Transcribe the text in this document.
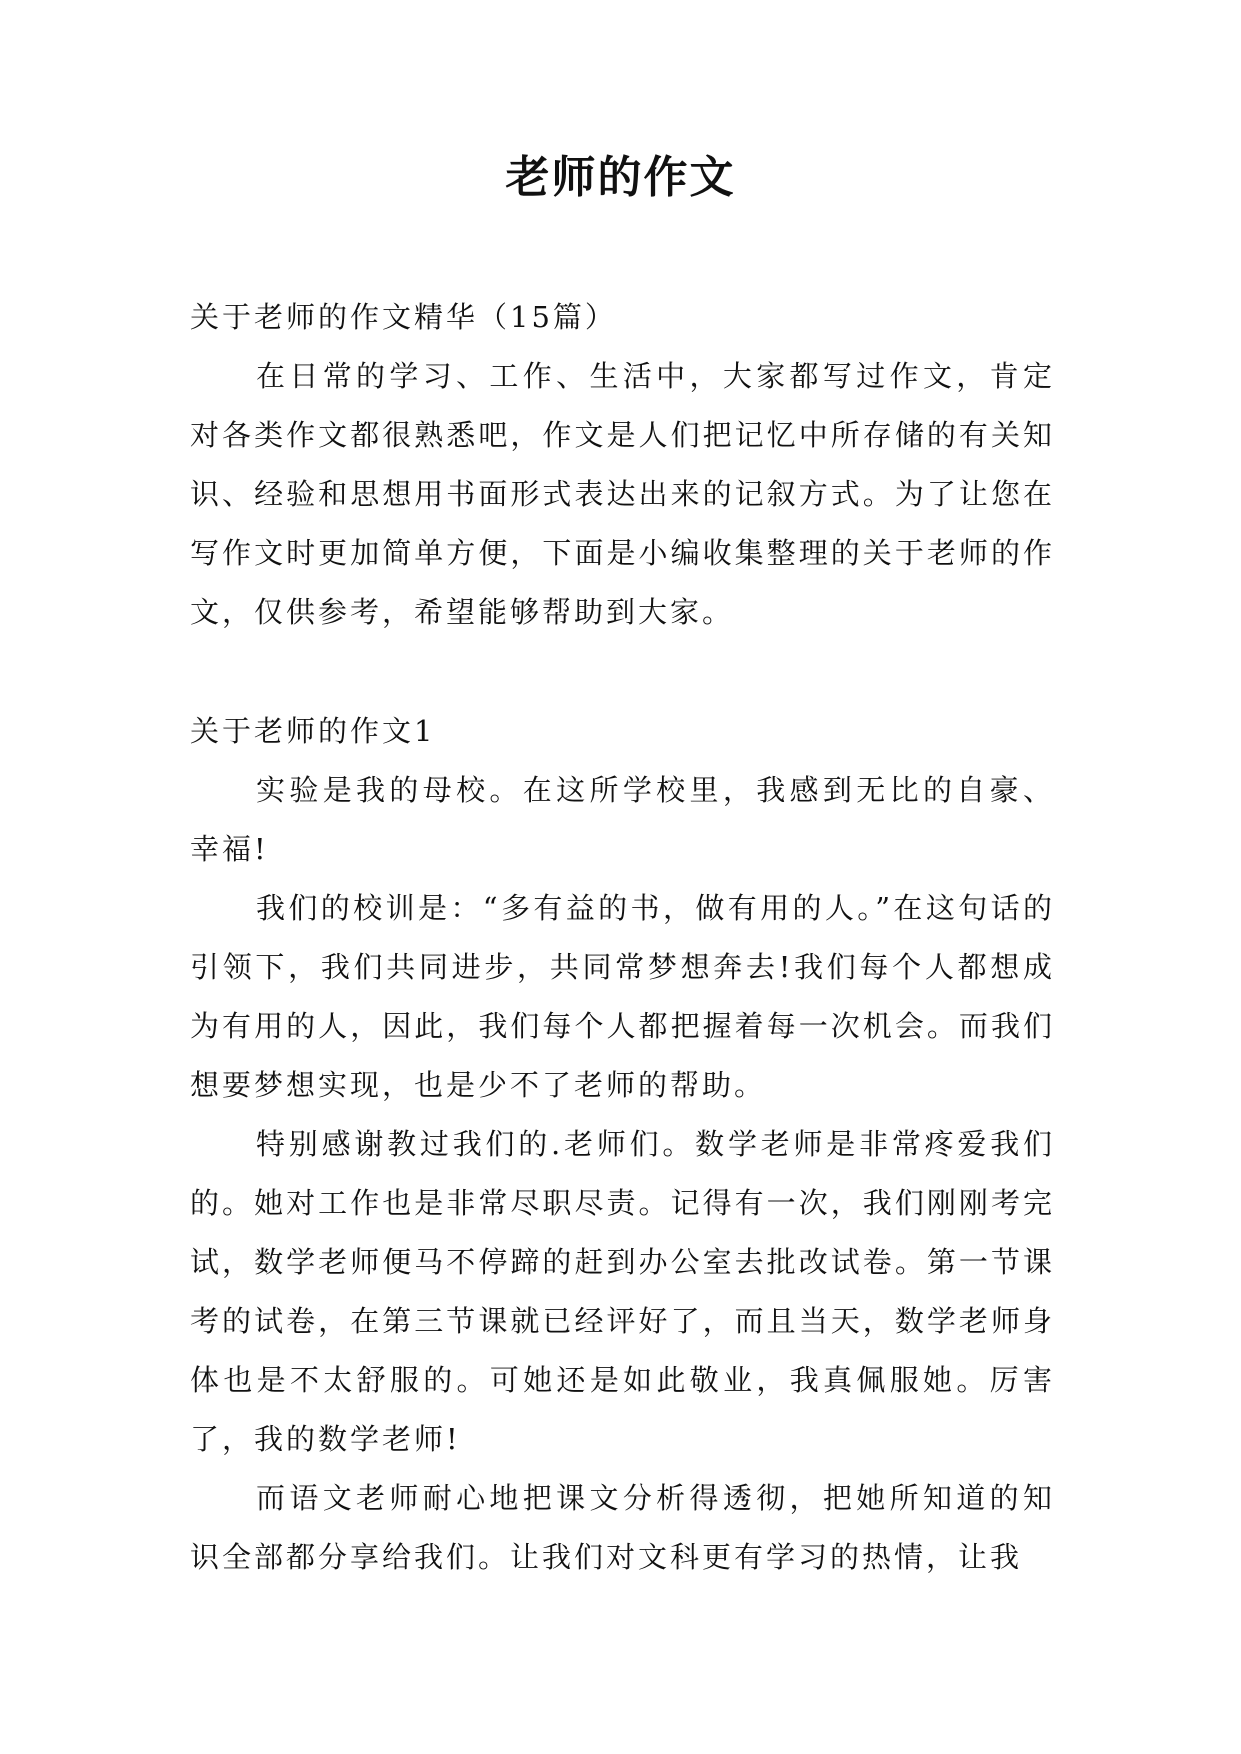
老师的作文

关于老师的作文精华（15篇）

在日常的学习、工作、生活中，大家都写过作文，肯定对各类作文都很熟悉吧，作文是人们把记忆中所存储的有关知识、经验和思想用书面形式表达出来的记叙方式。为了让您在写作文时更加简单方便，下面是小编收集整理的关于老师的作文，仅供参考，希望能够帮助到大家。

关于老师的作文1

实验是我的母校。在这所学校里，我感到无比的自豪、幸福!

我们的校训是：“多有益的书，做有用的人。”在这句话的引领下，我们共同进步，共同常梦想奔去!我们每个人都想成为有用的人，因此，我们每个人都把握着每一次机会。而我们想要梦想实现，也是少不了老师的帮助。

特别感谢教过我们的.老师们。数学老师是非常疼爱我们的。她对工作也是非常尽职尽责。记得有一次，我们刚刚考完试，数学老师便马不停蹄的赶到办公室去批改试卷。第一节课考的试卷，在第三节课就已经评好了，而且当天，数学老师身体也是不太舒服的。可她还是如此敬业，我真佩服她。厉害了，我的数学老师!

而语文老师耐心地把课文分析得透彻，把她所知道的知识全部都分享给我们。让我们对文科更有学习的热情，让我
